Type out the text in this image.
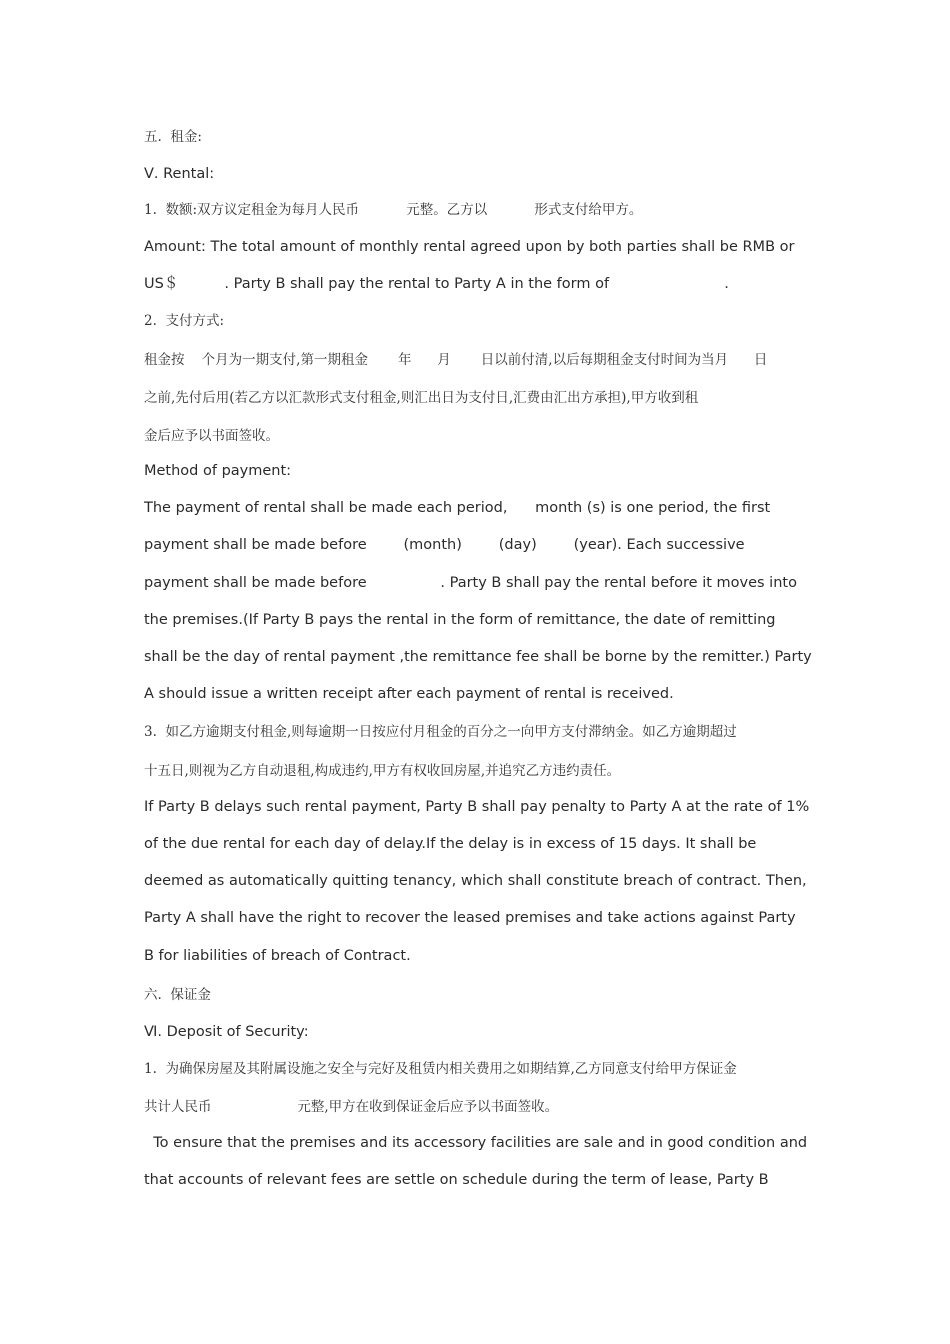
五.  租金:

Ⅴ. Rental:

1.  数额:双方议定租金为每月人民币           元整。乙方以           形式支付给甲方。

Amount: The total amount of monthly rental agreed upon by both parties shall be RMB or

US＄          . Party B shall pay the rental to Party A in the form of                         .

2.  支付方式:

租金按    个月为一期支付,第一期租金       年      月       日以前付清,以后每期租金支付时间为当月      日

之前,先付后用(若乙方以汇款形式支付租金,则汇出日为支付日,汇费由汇出方承担),甲方收到租

金后应予以书面签收。

Method of payment:

The payment of rental shall be made each period,      month (s) is one period, the first

payment shall be made before        (month)        (day)        (year). Each successive

payment shall be made before                . Party B shall pay the rental before it moves into

the premises.(If Party B pays the rental in the form of remittance, the date of remitting

shall be the day of rental payment ,the remittance fee shall be borne by the remitter.) Party

A should issue a written receipt after each payment of rental is received.

3.  如乙方逾期支付租金,则每逾期一日按应付月租金的百分之一向甲方支付滞纳金。如乙方逾期超过

十五日,则视为乙方自动退租,构成违约,甲方有权收回房屋,并追究乙方违约责任。

If Party B delays such rental payment, Party B shall pay penalty to Party A at the rate of 1%

of the due rental for each day of delay.If the delay is in excess of 15 days. It shall be

deemed as automatically quitting tenancy, which shall constitute breach of contract. Then,

Party A shall have the right to recover the leased premises and take actions against Party

B for liabilities of breach of Contract.

六.  保证金

Ⅵ. Deposit of Security:

1.  为确保房屋及其附属设施之安全与完好及租赁内相关费用之如期结算,乙方同意支付给甲方保证金

共计人民币                    元整,甲方在收到保证金后应予以书面签收。

To ensure that the premises and its accessory facilities are sale and in good condition and

that accounts of relevant fees are settle on schedule during the term of lease, Party B
